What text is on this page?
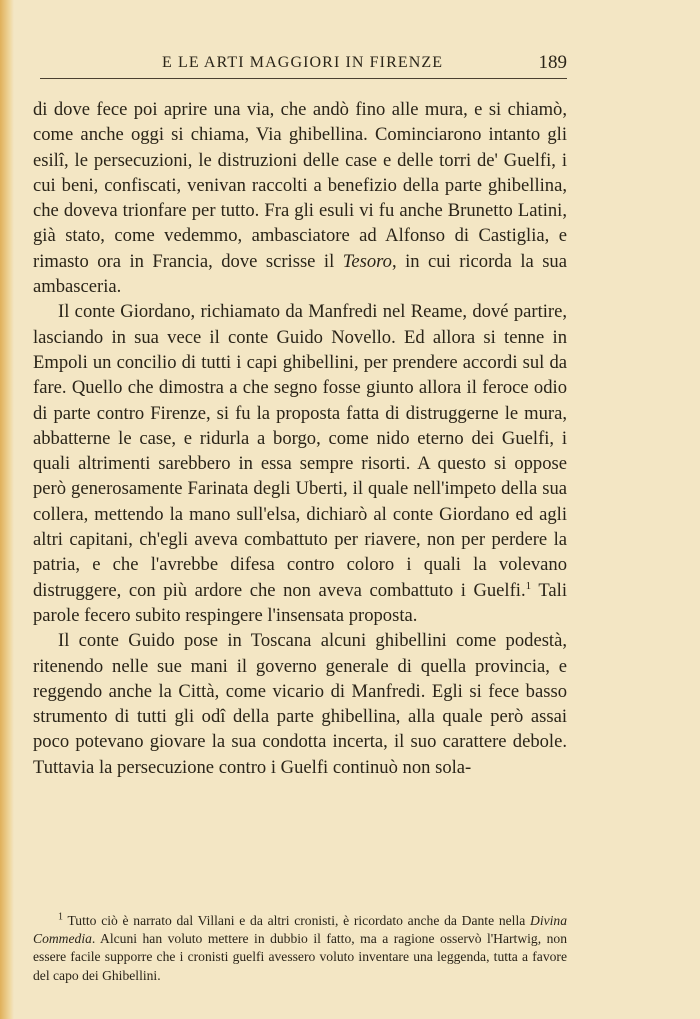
E LE ARTI MAGGIORI IN FIRENZE	189

di dove fece poi aprire una via, che andò fino alle mura, e si chiamò, come anche oggi si chiama, Via ghibellina. Cominciarono intanto gli esilî, le persecuzioni, le distruzioni delle case e delle torri de' Guelfi, i cui beni, confiscati, venivan raccolti a benefizio della parte ghibellina, che doveva trionfare per tutto. Fra gli esuli vi fu anche Brunetto Latini, già stato, come vedemmo, ambasciatore ad Alfonso di Castiglia, e rimasto ora in Francia, dove scrisse il Tesoro, in cui ricorda la sua ambasceria.

Il conte Giordano, richiamato da Manfredi nel Reame, dové partire, lasciando in sua vece il conte Guido Novello. Ed allora si tenne in Empoli un concilio di tutti i capi ghibellini, per prendere accordi sul da fare. Quello che dimostra a che segno fosse giunto allora il feroce odio di parte contro Firenze, si fu la proposta fatta di distruggerne le mura, abbatterne le case, e ridurla a borgo, come nido eterno dei Guelfi, i quali altrimenti sarebbero in essa sempre risorti. A questo si oppose però generosamente Farinata degli Uberti, il quale nell'impeto della sua collera, mettendo la mano sull'elsa, dichiarò al conte Giordano ed agli altri capitani, ch'egli aveva combattuto per riavere, non per perdere la patria, e che l'avrebbe difesa contro coloro i quali la volevano distruggere, con più ardore che non aveva combattuto i Guelfi.$^1$ Tali parole fecero subito respingere l'insensata proposta.

Il conte Guido pose in Toscana alcuni ghibellini come podestà, ritenendo nelle sue mani il governo generale di quella provincia, e reggendo anche la Città, come vicario di Manfredi. Egli si fece basso strumento di tutti gli odî della parte ghibellina, alla quale però assai poco potevano giovare la sua condotta incerta, il suo carattere debole. Tuttavia la persecuzione contro i Guelfi continuò non sola-

$^1$ Tutto ciò è narrato dal Villani e da altri cronisti, è ricordato anche da Dante nella Divina Commedia. Alcuni han voluto mettere in dubbio il fatto, ma a ragione osservò l'Hartwig, non essere facile supporre che i cronisti guelfi avessero voluto inventare una leggenda, tutta a favore del capo dei Ghibellini.
